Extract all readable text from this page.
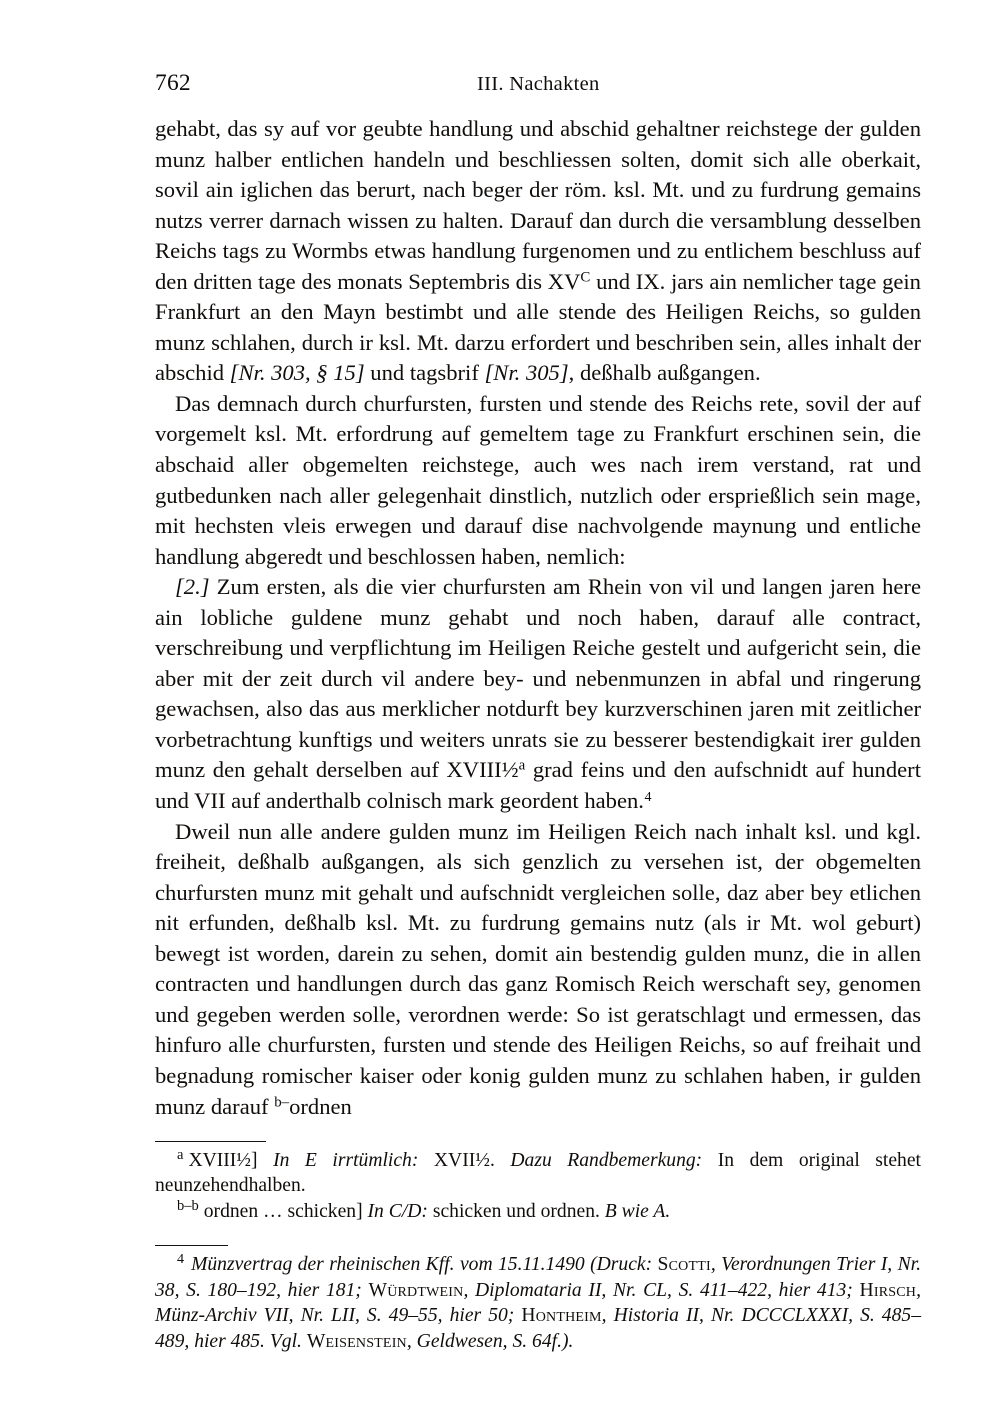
762	III. Nachakten

gehabt, das sy auf vor geubte handlung und abschid gehaltner reichstege der gulden munz halber entlichen handeln und beschliessen solten, domit sich alle oberkait, sovil ain iglichen das berurt, nach beger der röm. ksl. Mt. und zu furdrung gemains nutzs verrer darnach wissen zu halten. Darauf dan durch die versamblung desselben Reichs tags zu Wormbs etwas handlung furgenomen und zu entlichem beschluss auf den dritten tage des monats Septembris dis $XV^C$ und IX. jars ain nemlicher tage gein Frankfurt an den Mayn bestimbt und alle stende des Heiligen Reichs, so gulden munz schlahen, durch ir ksl. Mt. darzu erfordert und beschriben sein, alles inhalt der abschid [Nr. 303, § 15] und tagsbrif [Nr. 305], deßhalb außgangen.

Das demnach durch churfursten, fursten und stende des Reichs rete, sovil der auf vorgemelt ksl. Mt. erfordrung auf gemeltem tage zu Frankfurt erschinen sein, die abschaid aller obgemelten reichstege, auch wes nach irem verstand, rat und gutbedunken nach aller gelegenhait dinstlich, nutzlich oder ersprießlich sein mage, mit hechsten vleis erwegen und darauf dise nachvolgende maynung und entliche handlung abgeredt und beschlossen haben, nemlich:

[2.] Zum ersten, als die vier churfursten am Rhein von vil und langen jaren here ain lobliche guldene munz gehabt und noch haben, darauf alle contract, verschreibung und verpflichtung im Heiligen Reiche gestelt und aufgericht sein, die aber mit der zeit durch vil andere bey- und nebenmunzen in abfal und ringerung gewachsen, also das aus merklicher notdurft bey kurzverschinen jaren mit zeitlicher vorbetrachtung kunftigs und weiters unrats sie zu besserer bestendigkait irer gulden munz den gehalt derselben auf XVIII½$^a$ grad feins und den aufschnidt auf hundert und VII auf anderthalb colnisch mark geordent haben.$^4$

Dweil nun alle andere gulden munz im Heiligen Reich nach inhalt ksl. und kgl. freiheit, deßhalb außgangen, als sich genzlich zu versehen ist, der obgemelten churfursten munz mit gehalt und aufschnidt vergleichen solle, daz aber bey etlichen nit erfunden, deßhalb ksl. Mt. zu furdrung gemains nutz (als ir Mt. wol geburt) bewegt ist worden, darein zu sehen, domit ain bestendig gulden munz, die in allen contracten und handlungen durch das ganz Romisch Reich werschaft sey, genomen und gegeben werden solle, verordnen werde: So ist geratschlagt und ermessen, das hinfuro alle churfursten, fursten und stende des Heiligen Reichs, so auf freihait und begnadung romischer kaiser oder konig gulden munz zu schlahen haben, ir gulden munz darauf $^{b-}$ordnen

$^a$ XVIII½] In E irrtümlich: XVII½. Dazu Randbemerkung: In dem original stehet neunzehendhalben.

$^{b-b}$ ordnen … schicken] In C/D: schicken und ordnen. B wie A.

$^4$ Münzvertrag der rheinischen Kff. vom 15.11.1490 (Druck: Scotti, Verordnungen Trier I, Nr. 38, S. 180–192, hier 181; Würdtwein, Diplomataria II, Nr. CL, S. 411–422, hier 413; Hirsch, Münz-Archiv VII, Nr. LII, S. 49–55, hier 50; Hontheim, Historia II, Nr. DCCCLXXXI, S. 485–489, hier 485. Vgl. Weisenstein, Geldwesen, S. 64f.).
